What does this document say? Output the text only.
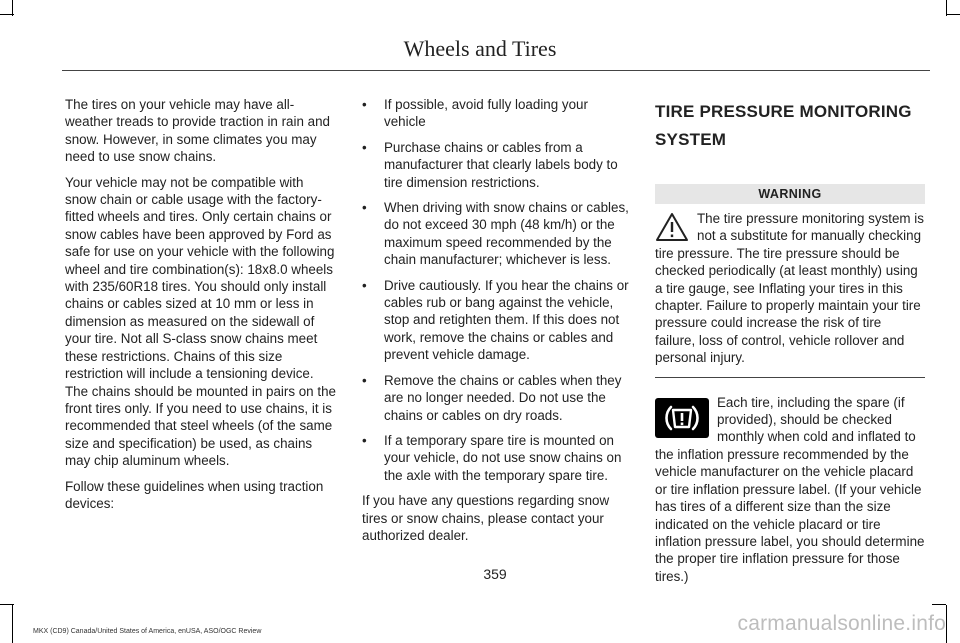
Wheels and Tires

The tires on your vehicle may have all-weather treads to provide traction in rain and snow. However, in some climates you may need to use snow chains.

Your vehicle may not be compatible with snow chain or cable usage with the factory-fitted wheels and tires. Only certain chains or snow cables have been approved by Ford as safe for use on your vehicle with the following wheel and tire combination(s): 18x8.0 wheels with 235/60R18 tires. You should only install chains or cables sized at 10 mm or less in dimension as measured on the sidewall of your tire. Not all S-class snow chains meet these restrictions. Chains of this size restriction will include a tensioning device. The chains should be mounted in pairs on the front tires only. If you need to use chains, it is recommended that steel wheels (of the same size and specification) be used, as chains may chip aluminum wheels.

Follow these guidelines when using traction devices:

• If possible, avoid fully loading your vehicle
• Purchase chains or cables from a manufacturer that clearly labels body to tire dimension restrictions.
• When driving with snow chains or cables, do not exceed 30 mph (48 km/h) or the maximum speed recommended by the chain manufacturer; whichever is less.
• Drive cautiously. If you hear the chains or cables rub or bang against the vehicle, stop and retighten them. If this does not work, remove the chains or cables and prevent vehicle damage.
• Remove the chains or cables when they are no longer needed. Do not use the chains or cables on dry roads.
• If a temporary spare tire is mounted on your vehicle, do not use snow chains on the axle with the temporary spare tire.

If you have any questions regarding snow tires or snow chains, please contact your authorized dealer.

TIRE PRESSURE MONITORING
SYSTEM
WARNING
The tire pressure monitoring system is not a substitute for manually checking tire pressure. The tire pressure should be checked periodically (at least monthly) using a tire gauge, see Inflating your tires in this chapter. Failure to properly maintain your tire pressure could increase the risk of tire failure, loss of control, vehicle rollover and personal injury.
Each tire, including the spare (if provided), should be checked monthly when cold and inflated to the inflation pressure recommended by the vehicle manufacturer on the vehicle placard or tire inflation pressure label. (If your vehicle has tires of a different size than the size indicated on the vehicle placard or tire inflation pressure label, you should determine the proper tire inflation pressure for those tires.)
359
MKX (CD9) Canada/United States of America, enUSA, ASO/OGC Review	carmanualsonline.info
